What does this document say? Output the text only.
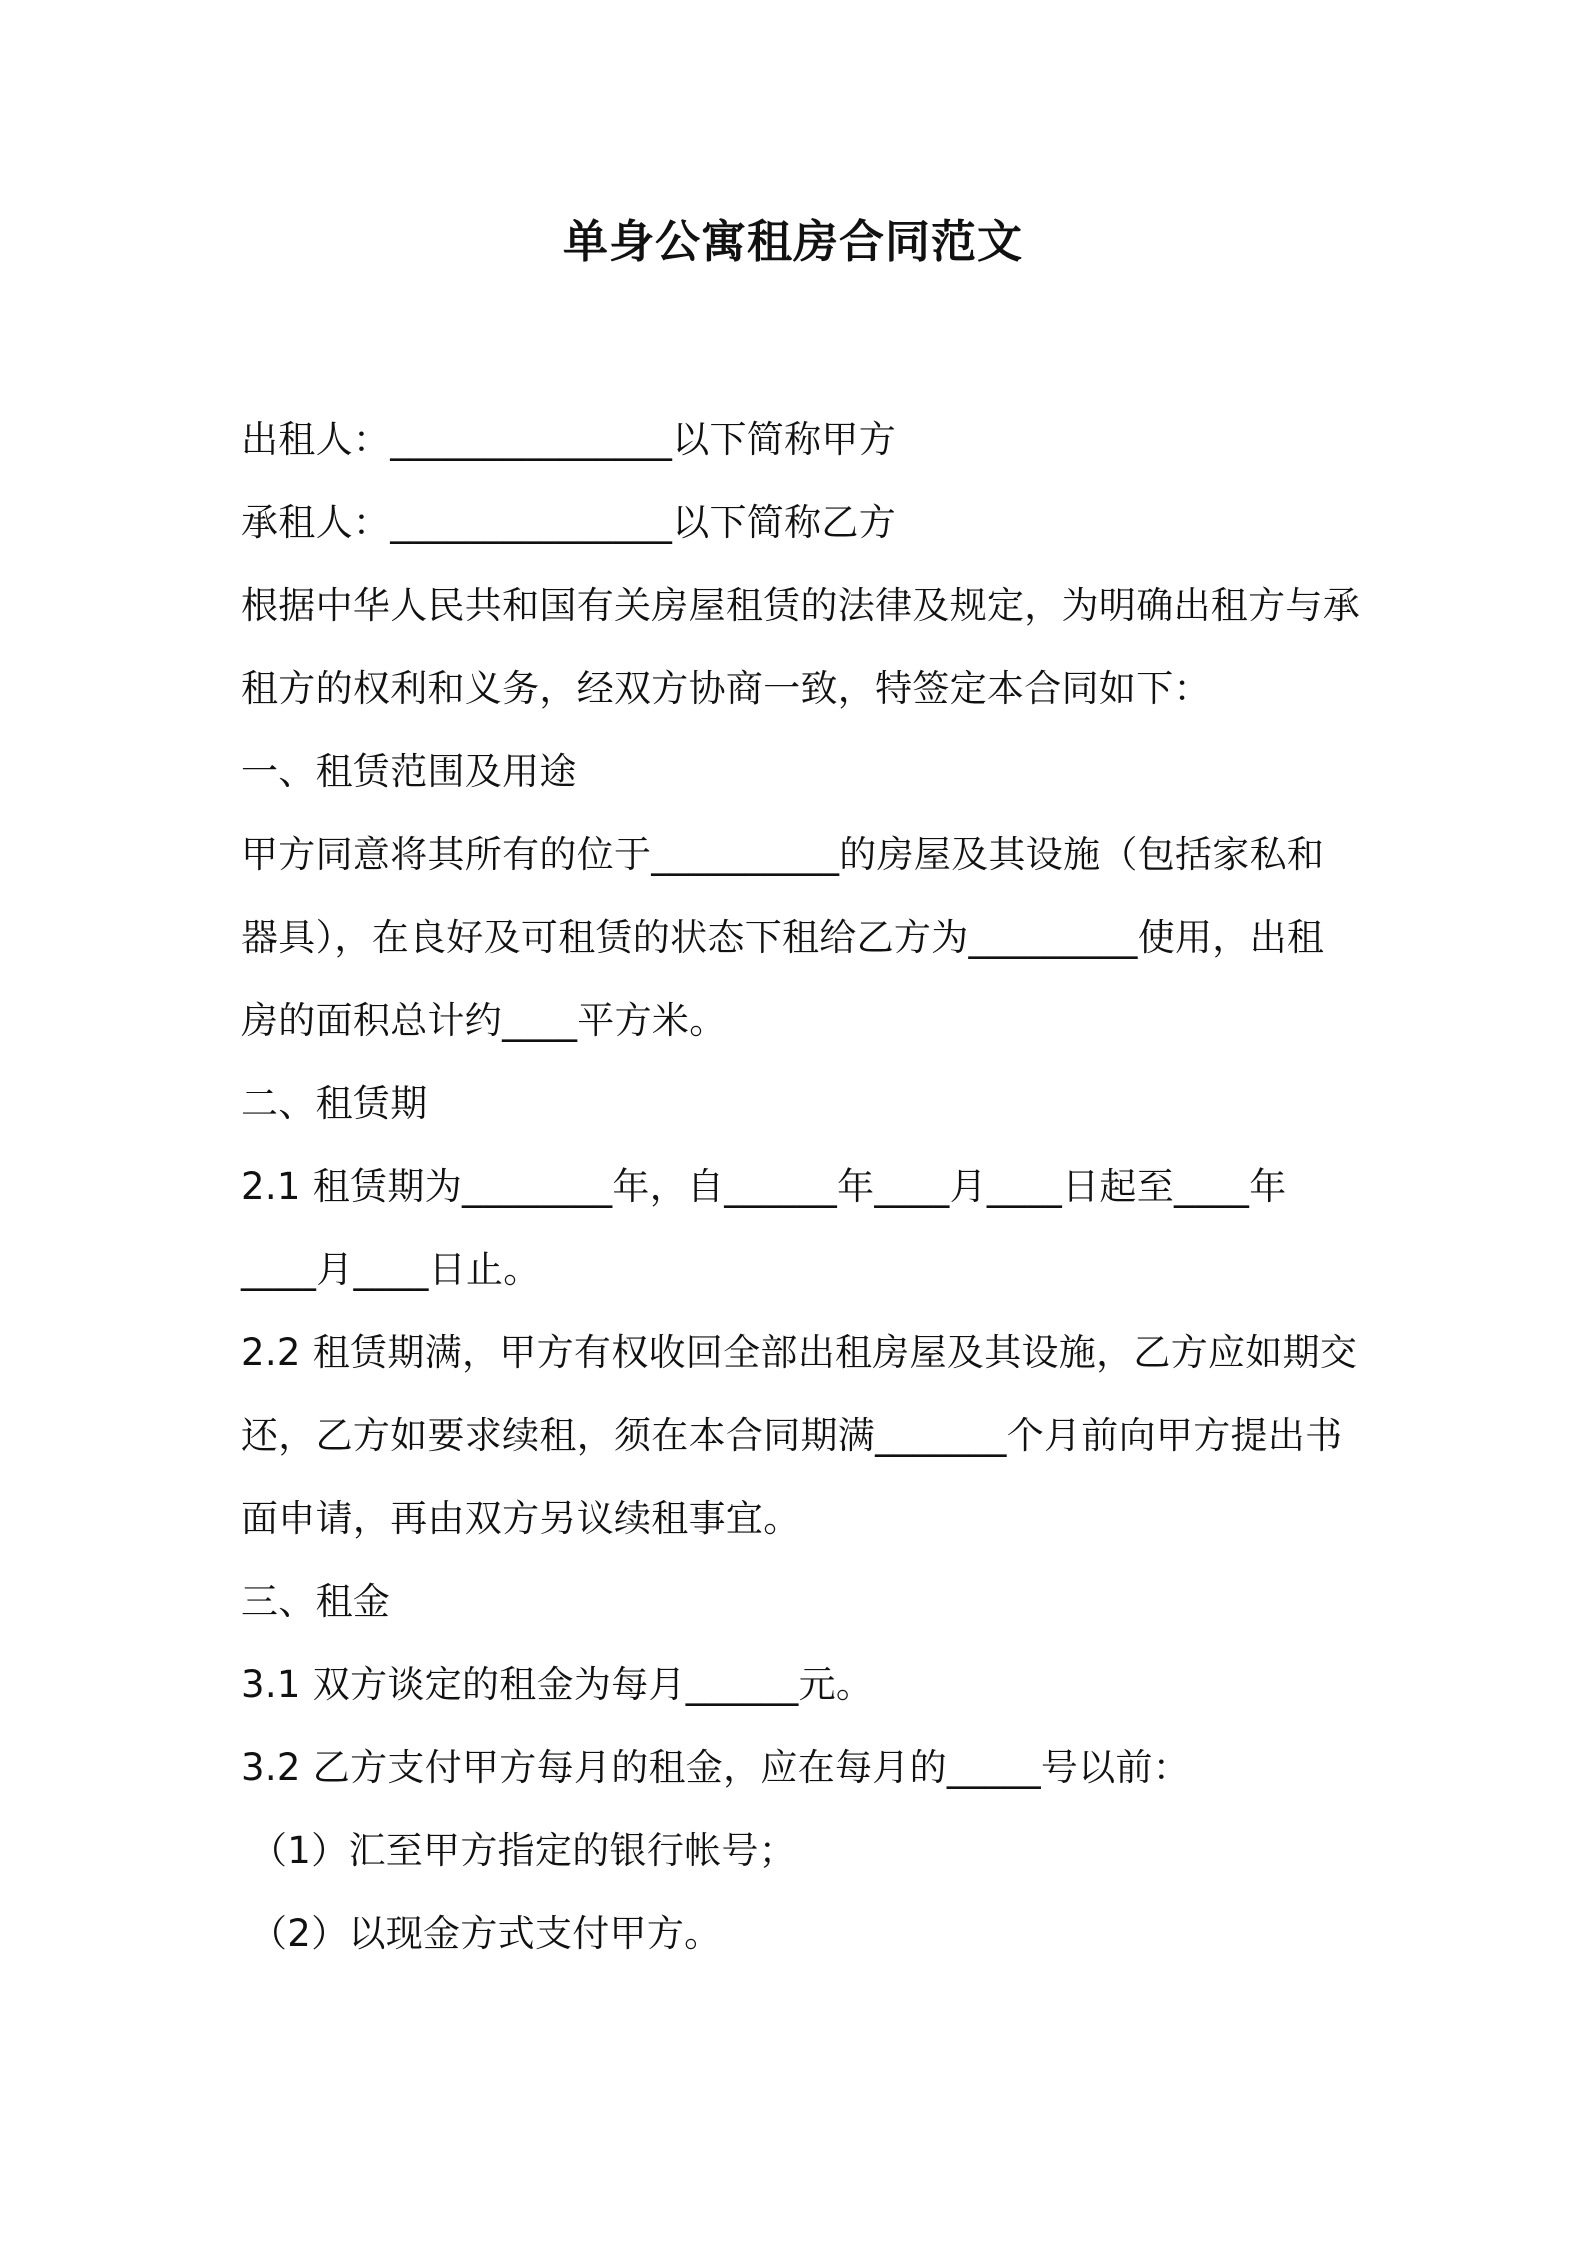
单身公寓租房合同范文
出租人：_______________以下简称甲方
承租人：_______________以下简称乙方
根据中华人民共和国有关房屋租赁的法律及规定，为明确出租方与承
租方的权利和义务，经双方协商一致，特签定本合同如下：
一、租赁范围及用途
甲方同意将其所有的位于__________的房屋及其设施（包括家私和
器具），在良好及可租赁的状态下租给乙方为_________使用，出租
房的面积总计约____平方米。
二、租赁期
2.1 租赁期为________年，自______年____月____日起至____年
____月____日止。
2.2 租赁期满，甲方有权收回全部出租房屋及其设施，乙方应如期交
还，乙方如要求续租，须在本合同期满_______个月前向甲方提出书
面申请，再由双方另议续租事宜。
三、租金
3.1 双方谈定的租金为每月______元。
3.2 乙方支付甲方每月的租金，应在每月的_____号以前：
（1）汇至甲方指定的银行帐号；
（2）以现金方式支付甲方。
